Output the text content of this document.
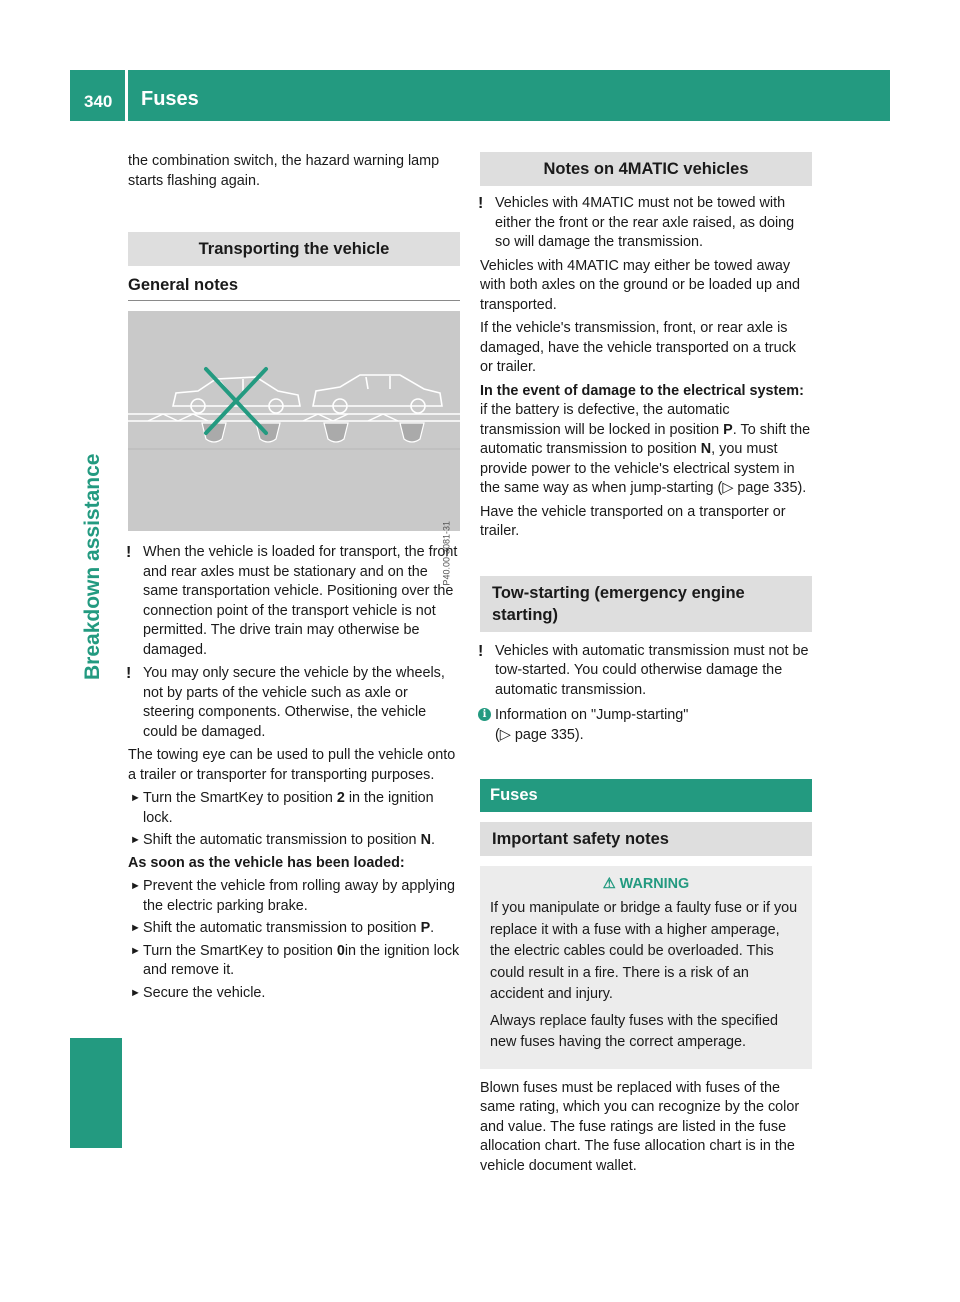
340 Fuses
Breakdown assistance

the combination switch, the hazard warning lamp starts flashing again.

Transporting the vehicle
General notes
P40.00-3081-31
! When the vehicle is loaded for transport, the front and rear axles must be stationary and on the same transportation vehicle. Positioning over the connection point of the transport vehicle is not permitted. The drive train may otherwise be damaged.
! You may only secure the vehicle by the wheels, not by parts of the vehicle such as axle or steering components. Otherwise, the vehicle could be damaged.

The towing eye can be used to pull the vehicle onto a trailer or transporter for transporting purposes.

► Turn the SmartKey to position 2 in the ignition lock.
► Shift the automatic transmission to position N.

As soon as the vehicle has been loaded:

► Prevent the vehicle from rolling away by applying the electric parking brake.
► Shift the automatic transmission to position P.
► Turn the SmartKey to position 0in the ignition lock and remove it.
► Secure the vehicle.
Notes on 4MATIC vehicles
! Vehicles with 4MATIC must not be towed with either the front or the rear axle raised, as doing so will damage the transmission.

Vehicles with 4MATIC may either be towed away with both axles on the ground or be loaded up and transported.

If the vehicle's transmission, front, or rear axle is damaged, have the vehicle transported on a truck or trailer.

In the event of damage to the electrical system: if the battery is defective, the automatic transmission will be locked in position P. To shift the automatic transmission to position N, you must provide power to the vehicle's electrical system in the same way as when jump-starting (▷ page 335).

Have the vehicle transported on a transporter or trailer.

Tow-starting (emergency engine starting)
! Vehicles with automatic transmission must not be tow-started. You could otherwise damage the automatic transmission.
i Information on "Jump-starting"
(▷ page 335).
Fuses
Important safety notes
⚠ WARNING

If you manipulate or bridge a faulty fuse or if you replace it with a fuse with a higher amperage, the electric cables could be overloaded. This could result in a fire. There is a risk of an accident and injury.

Always replace faulty fuses with the specified new fuses having the correct amperage.

Blown fuses must be replaced with fuses of the same rating, which you can recognize by the color and value. The fuse ratings are listed in the fuse allocation chart. The fuse allocation chart is in the vehicle document wallet.
